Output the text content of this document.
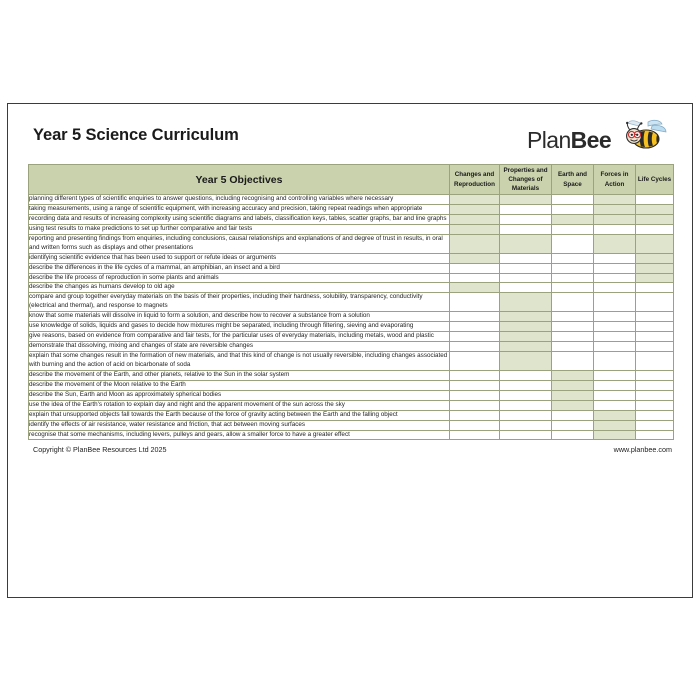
Year 5 Science Curriculum	PlanBee
Year 5 Objectives	Changes and Reproduction	Properties and Changes of Materials	Earth and Space	Forces in Action	Life Cycles
planning different types of scientific enquiries to answer questions, including recognising and controlling variables where necessary					
taking measurements, using a range of scientific equipment, with increasing accuracy and precision, taking repeat readings when appropriate					
recording data and results of increasing complexity using scientific diagrams and labels, classification keys, tables, scatter graphs, bar and line graphs					
using test results to make predictions to set up further comparative and fair tests					
reporting and presenting findings from enquiries, including conclusions, causal relationships and explanations of and degree of trust in results, in oral and written forms such as displays and other presentations					
identifying scientific evidence that has been used to support or refute ideas or arguments					
describe the differences in the life cycles of a mammal, an amphibian, an insect and a bird					
describe the life process of reproduction in some plants and animals					
describe the changes as humans develop to old age					
compare and group together everyday materials on the basis of their properties, including their hardness, solubility, transparency, conductivity (electrical and thermal), and response to magnets					
know that some materials will dissolve in liquid to form a solution, and describe how to recover a substance from a solution					
use knowledge of solids, liquids and gases to decide how mixtures might be separated, including through filtering, sieving and evaporating					
give reasons, based on evidence from comparative and fair tests, for the particular uses of everyday materials, including metals, wood and plastic					
demonstrate that dissolving, mixing and changes of state are reversible changes					
explain that some changes result in the formation of new materials, and that this kind of change is not usually reversible, including changes associated with burning and the action of acid on bicarbonate of soda					
describe the movement of the Earth, and other planets, relative to the Sun in the solar system					
describe the movement of the Moon relative to the Earth					
describe the Sun, Earth and Moon as approximately spherical bodies					
use the idea of the Earth's rotation to explain day and night and the apparent movement of the sun across the sky					
explain that unsupported objects fall towards the Earth because of the force of gravity acting between the Earth and the falling object					
identify the effects of air resistance, water resistance and friction, that act between moving surfaces					
recognise that some mechanisms, including levers, pulleys and gears, allow a smaller force to have a greater effect					
Copyright © PlanBee Resources Ltd 2025	www.planbee.com
